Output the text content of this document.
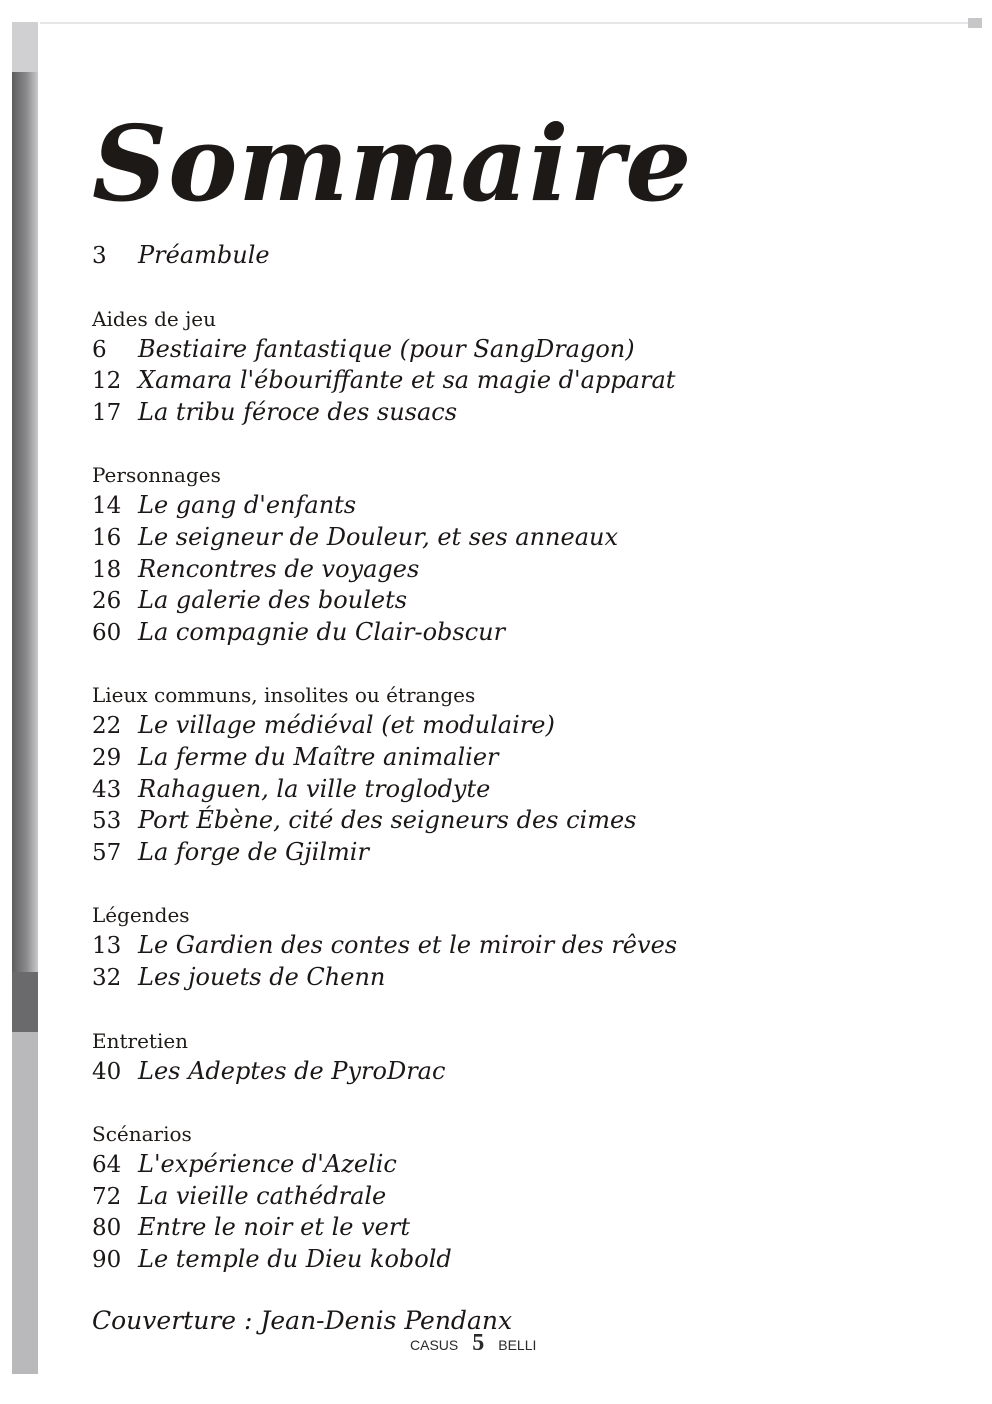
Sommaire
3	Préambule
Aides de jeu
6	Bestiaire fantastique (pour SangDragon)
12 Xamara l'ébouriffante et sa magie d'apparat
17 La tribu féroce des susacs
Personnages
14 Le gang d'enfants
16 Le seigneur de Douleur, et ses anneaux
18 Rencontres de voyages
26 La galerie des boulets
60 La compagnie du Clair-obscur
Lieux communs, insolites ou étranges
22 Le village médiéval (et modulaire)
29 La ferme du Maître animalier
43 Rahaguen, la ville troglodyte
53 Port Ébène, cité des seigneurs des cimes
57 La forge de Gjilmir
Légendes
13 Le Gardien des contes et le miroir des rêves
32 Les jouets de Chenn
Entretien
40 Les Adeptes de PyroDrac
Scénarios
64 L'expérience d'Azelic
72 La vieille cathédrale
80 Entre le noir et le vert
90 Le temple du Dieu kobold
Couverture : Jean-Denis Pendanx
CASUS 5 BELLI
